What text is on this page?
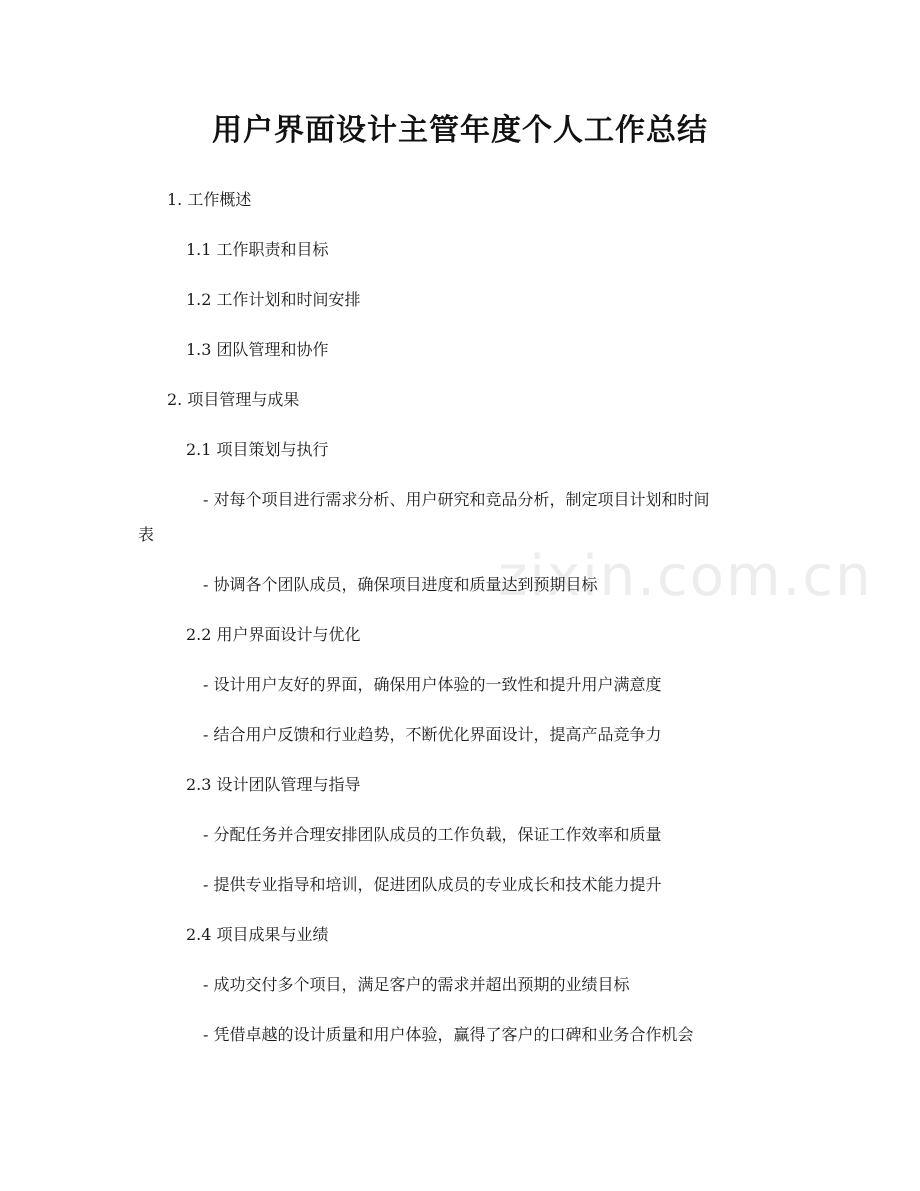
zixin.com.cn
用户界面设计主管年度个人工作总结
1. 工作概述
1.1 工作职责和目标
1.2 工作计划和时间安排
1.3 团队管理和协作
2. 项目管理与成果
2.1 项目策划与执行
- 对每个项目进行需求分析、用户研究和竞品分析，制定项目计划和时间
表
- 协调各个团队成员，确保项目进度和质量达到预期目标
2.2 用户界面设计与优化
- 设计用户友好的界面，确保用户体验的一致性和提升用户满意度
- 结合用户反馈和行业趋势，不断优化界面设计，提高产品竞争力
2.3 设计团队管理与指导
- 分配任务并合理安排团队成员的工作负载，保证工作效率和质量
- 提供专业指导和培训，促进团队成员的专业成长和技术能力提升
2.4 项目成果与业绩
- 成功交付多个项目，满足客户的需求并超出预期的业绩目标
- 凭借卓越的设计质量和用户体验，赢得了客户的口碑和业务合作机会
